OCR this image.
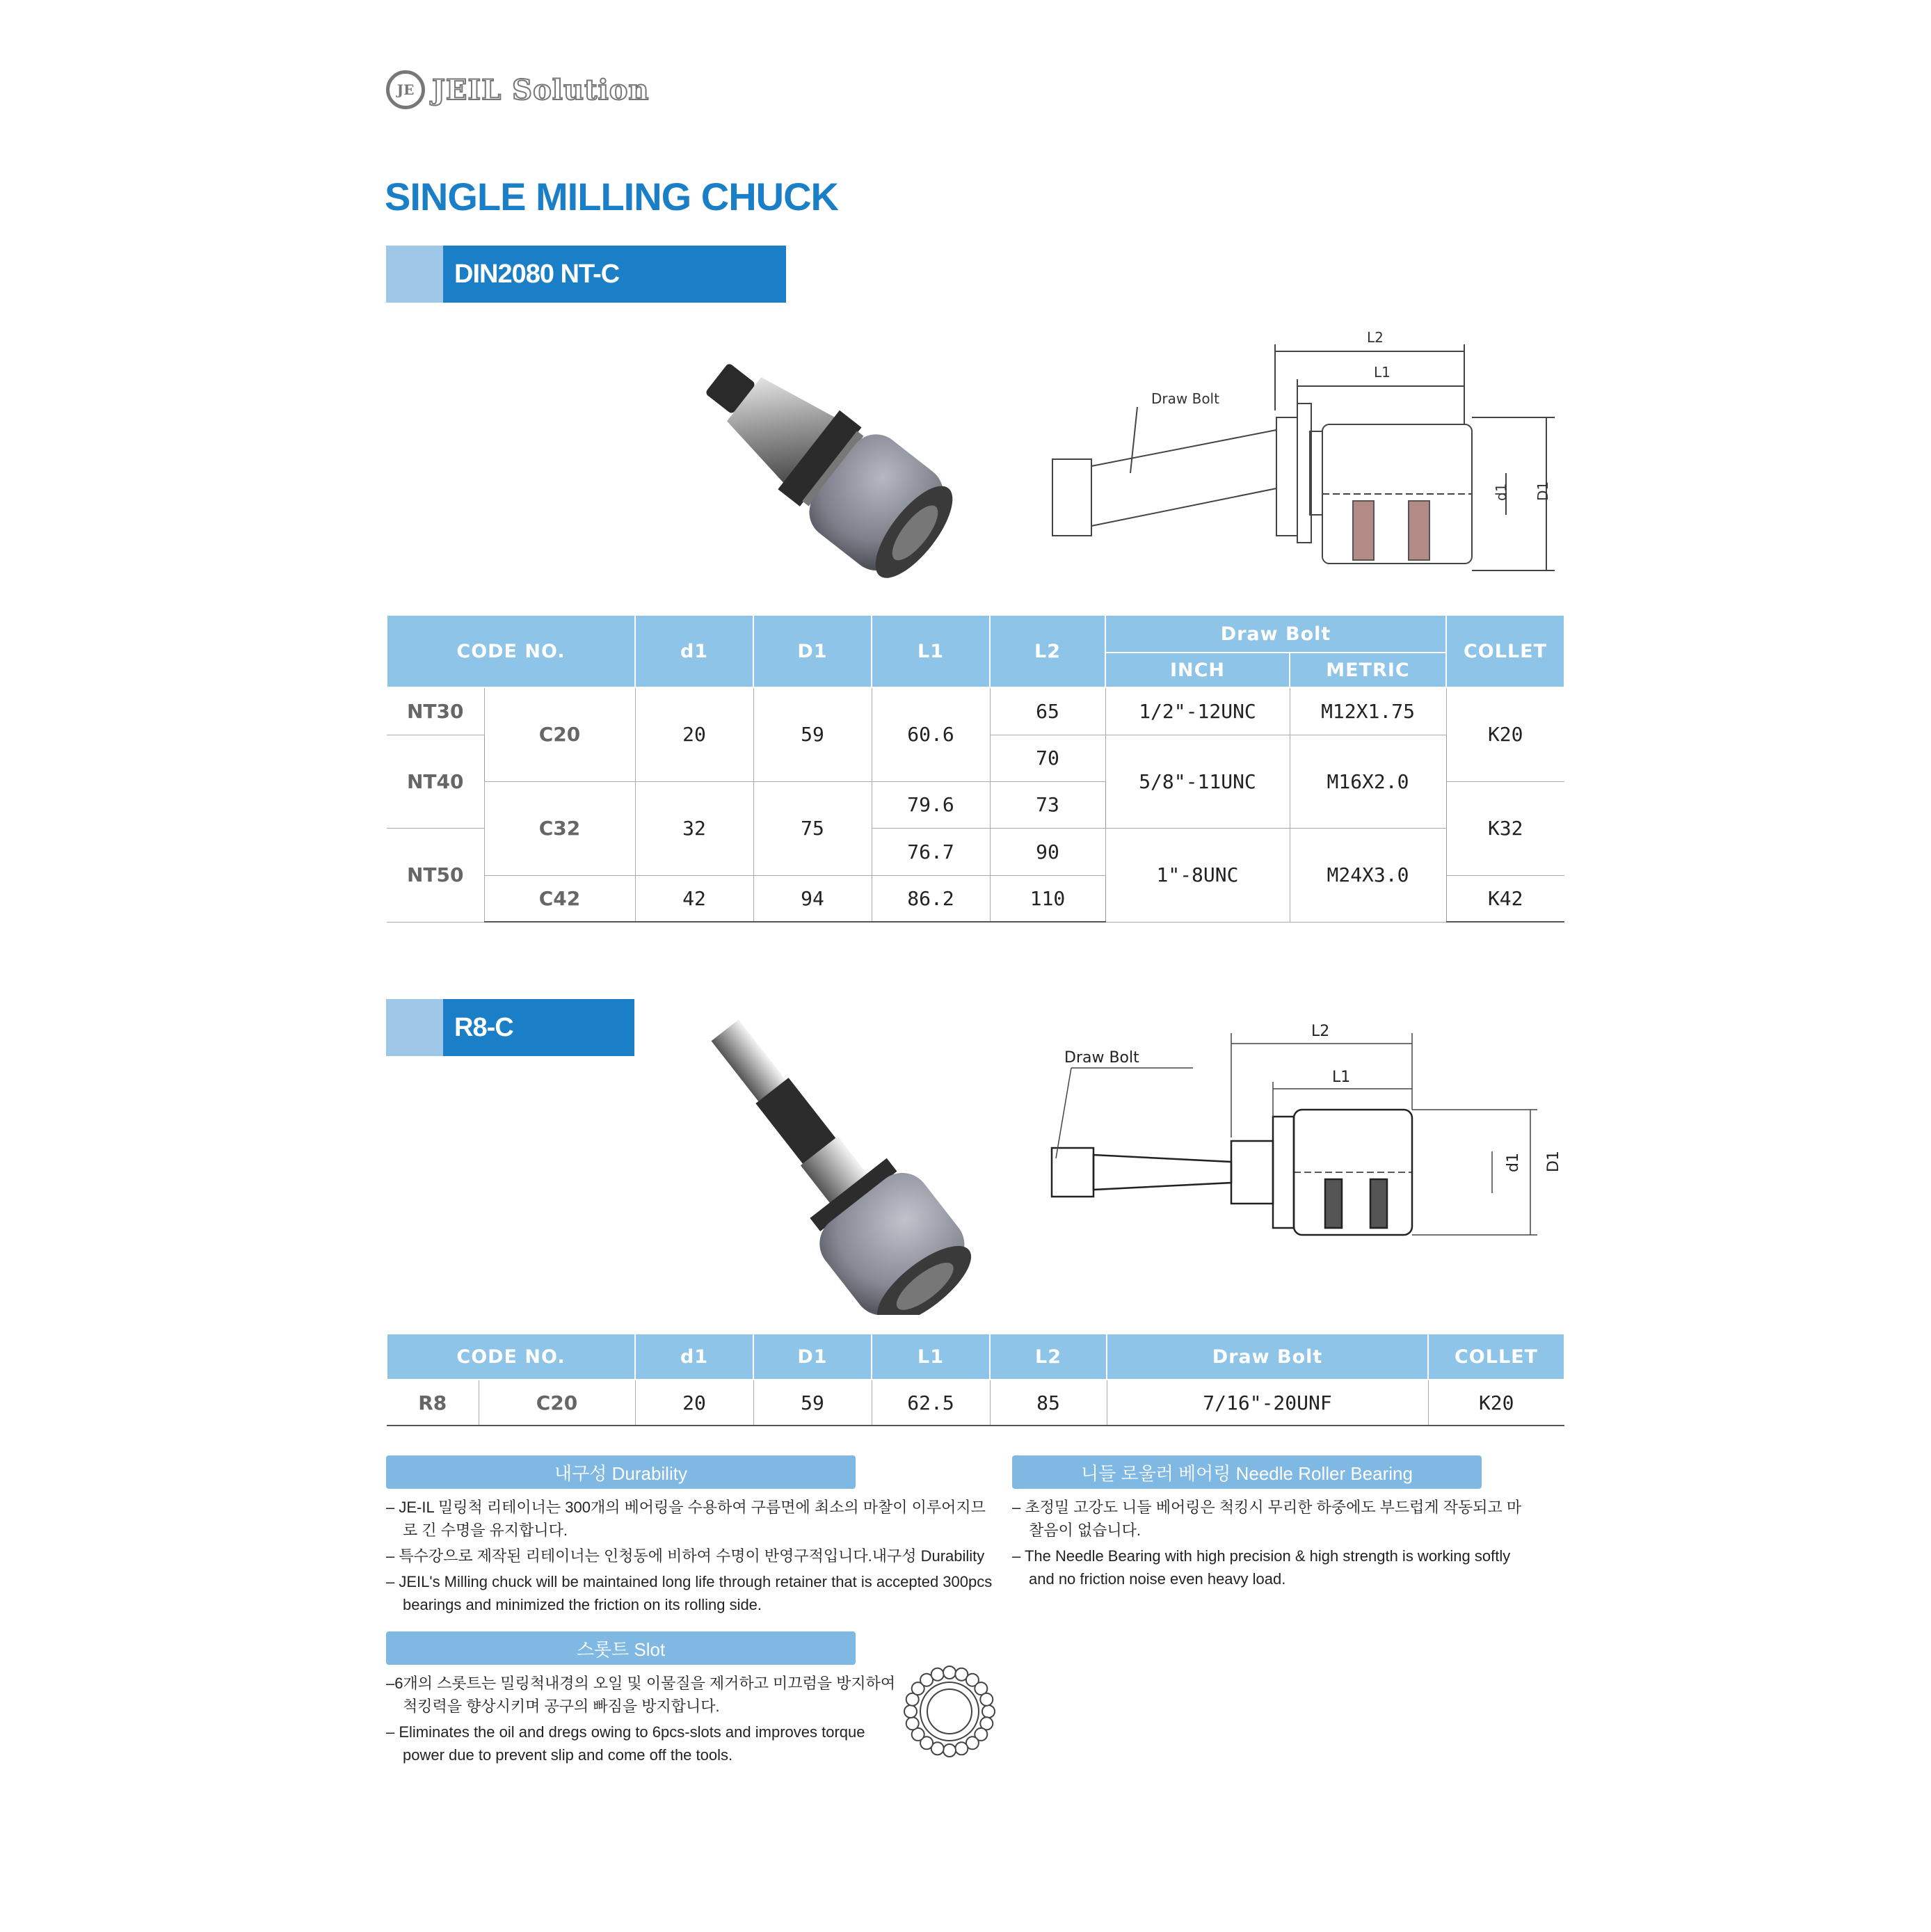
JE JEIL Solution
SINGLE MILLING CHUCK
DIN2080 NT-C
L2
L1
Draw Bolt
d1 D1
CODE NO.		d1	D1	L1	L2	Draw Bolt		COLLET
						INCH	METRIC	
NT30	C20	20	59	60.6	65	1/2"-12UNC	M12X1.75	K20
NT40					70	5/8"-11UNC	M16X2.0	
	C32	32	75	79.6	73			K32
NT50				76.7	90	1"-8UNC	M24X3.0	
	C42	42	94	86.2	110			K42
R8-C	L2
L1
Draw Bolt
d1 D1
CODE NO.		d1	D1	L1	L2	Draw Bolt	COLLET
R8	C20	20	59	62.5	85	7/16"-20UNF	K20
내구성 Durability

– JE-IL 밀링척 리테이너는 300개의 베어링을 수용하여 구름면에 최소의 마찰이 이루어지므로 긴 수명을 유지합니다.

– 특수강으로 제작된 리테이너는 인청동에 비하여 수명이 반영구적입니다.내구성 Durability

– JEIL's Milling chuck will be maintained long life through retainer that is accepted 300pcs bearings and minimized the friction on its rolling side.

스롯트 Slot

–6개의 스롯트는 밀링척내경의 오일 및 이물질을 제거하고 미끄럼을 방지하여 척킹력을 향상시키며 공구의 빠짐을 방지합니다.

– Eliminates the oil and dregs owing to 6pcs-slots and improves torque power due to prevent slip and come off the tools.

니들 로울러 베어링 Needle Roller Bearing

– 초정밀 고강도 니들 베어링은 척킹시 무리한 하중에도 부드럽게 작동되고 마찰음이 없습니다.

– The Needle Bearing with high precision & high strength is working softly and no friction noise even heavy load.
